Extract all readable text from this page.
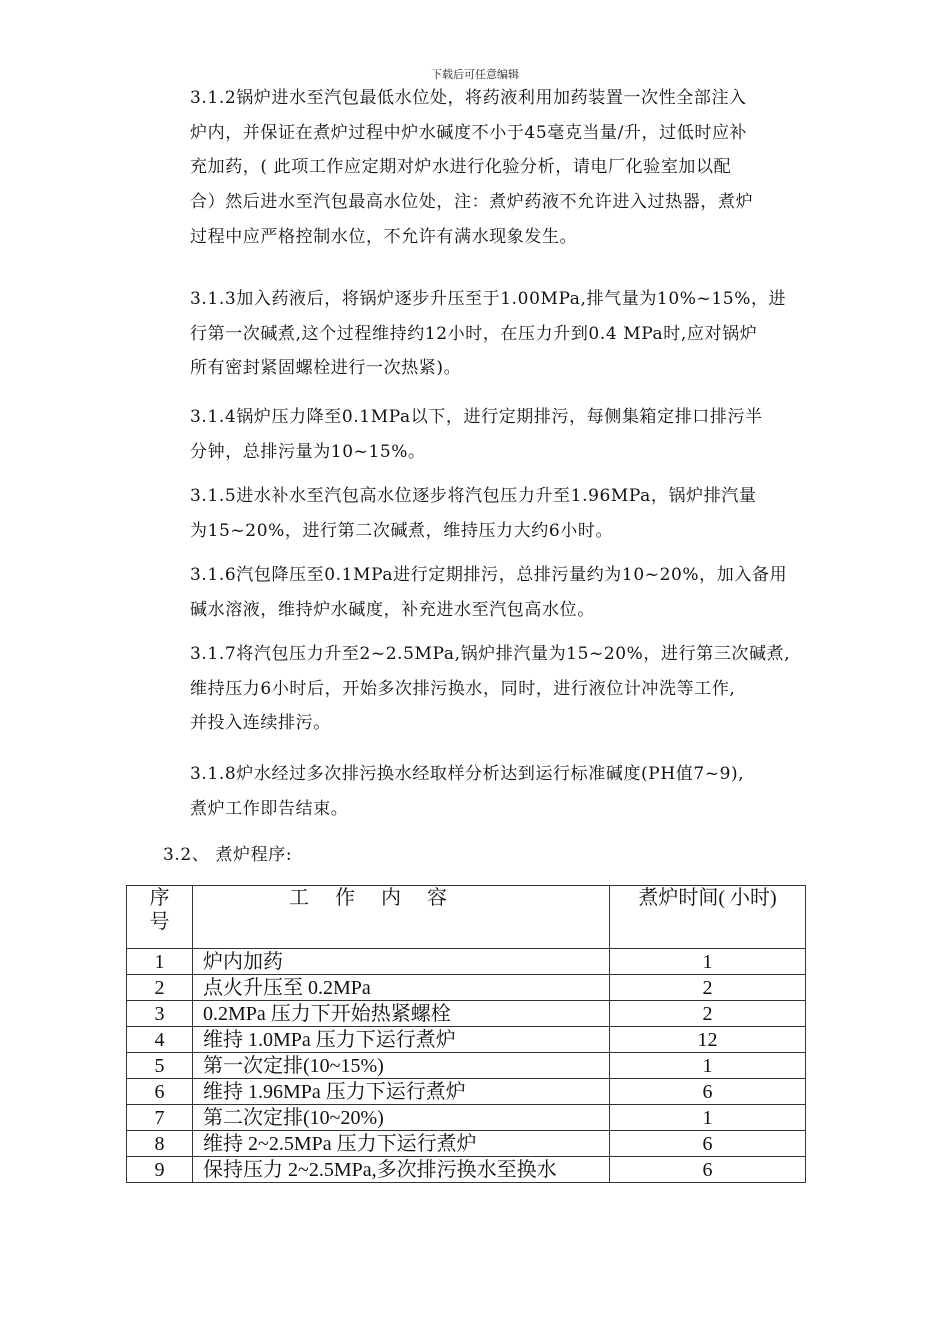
下载后可任意编辑
3.1.2锅炉进水至汽包最低水位处，将药液利用加药装置一次性全部注入
炉内，并保证在煮炉过程中炉水碱度不小于45毫克当量/升，过低时应补
充加药，( 此项工作应定期对炉水进行化验分析，请电厂化验室加以配
合）然后进水至汽包最高水位处，注：煮炉药液不允许进入过热器，煮炉
过程中应严格控制水位，不允许有满水现象发生。
3.1.3加入药液后，将锅炉逐步升压至于1.00MPa,排气量为10%~15%，进
行第一次碱煮,这个过程维持约12小时，在压力升到0.4 MPa时,应对锅炉
所有密封紧固螺栓进行一次热紧)。
3.1.4锅炉压力降至0.1MPa以下，进行定期排污，每侧集箱定排口排污半
分钟，总排污量为10~15%。
3.1.5进水补水至汽包高水位逐步将汽包压力升至1.96MPa，锅炉排汽量
为15~20%，进行第二次碱煮，维持压力大约6小时。
3.1.6汽包降压至0.1MPa进行定期排污，总排污量约为10~20%，加入备用
碱水溶液，维持炉水碱度，补充进水至汽包高水位。
3.1.7将汽包压力升至2~2.5MPa,锅炉排汽量为15~20%，进行第三次碱煮,
维持压力6小时后，开始多次排污换水，同时，进行液位计冲洗等工作,
并投入连续排污。
3.1.8炉水经过多次排污换水经取样分析达到运行标准碱度(PH值7~9),
煮炉工作即告结束。
3.2、 煮炉程序:
序
号	工作内容	煮炉时间( 小时)
1	炉内加药	1
2	点火升压至 0.2MPa	2
3	0.2MPa 压力下开始热紧螺栓	2
4	维持 1.0MPa 压力下运行煮炉	12
5	第一次定排(10~15%)	1
6	维持 1.96MPa 压力下运行煮炉	6
7	第二次定排(10~20%)	1
8	维持 2~2.5MPa 压力下运行煮炉	6
9	保持压力 2~2.5MPa,多次排污换水至换水	6
